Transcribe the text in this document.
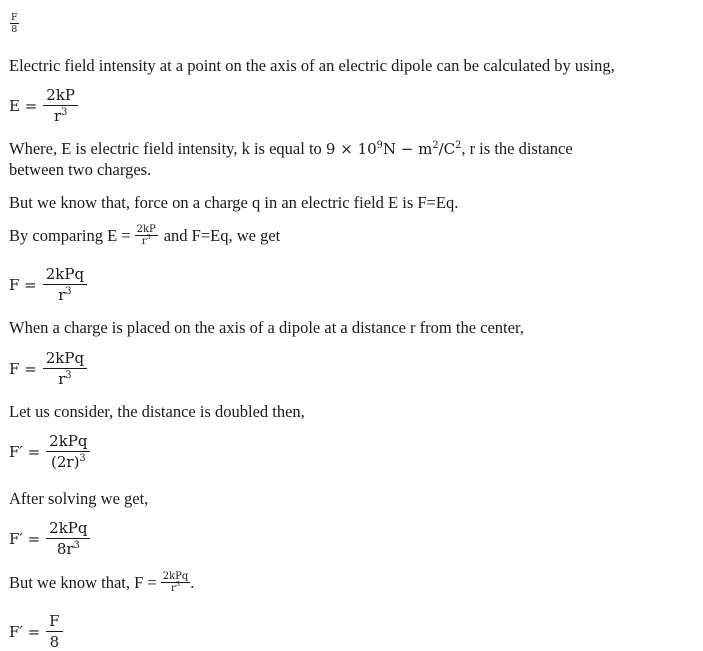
$\frac{F}{8}$
Electric field intensity at a point on the axis of an electric dipole can be calculated by using,
$E = \frac{2kP}{r^3}$
Where, E is electric field intensity, k is equal to $9 \times 10^9N - m^2/C^2$, r is the distance
between two charges.
But we know that, force on a charge q in an electric field E is F=Eq.
By comparing $E = \frac{2kP}{r^3}$ and F=Eq, we get
$F = \frac{\text{2kPq}}{r^3}$
When a charge is placed on the axis of a dipole at a distance r from the center,
$F = \frac{\text{2kPq}}{r^3}$
Let us consider, the distance is doubled then,
$F' = \frac{\text{2kPq}}{(2r)^3}$
After solving we get,
$F' = \frac{\text{2kPq}}{8r^3}$
But we know that, $F = \frac{\text{2kPq}}{r^3}$ .
$F' = \frac{F}{8}$
